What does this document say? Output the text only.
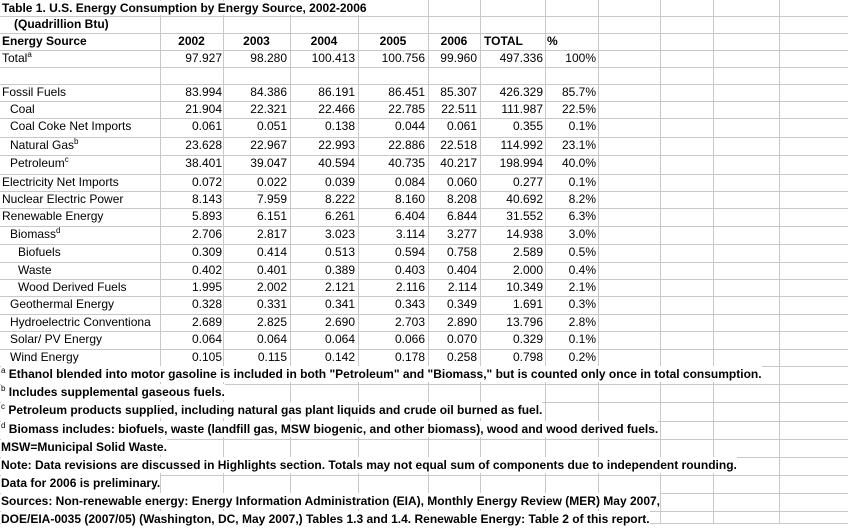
Table 1. U.S. Energy Consumption by Energy Source, 2002-2006
(Quadrillion Btu)
Energy Source	2002	2003	2004	2005	2006	TOTAL	%
Total$^a$	97.927	98.280	100.413	100.756	99.960	497.336	100%
Fossil Fuels	83.994	84.386	86.191	86.451	85.307	426.329	85.7%
Coal	21.904	22.321	22.466	22.785	22.511	111.987	22.5%
Coal Coke Net Imports	0.061	0.051	0.138	0.044	0.061	0.355	0.1%
Natural Gas$^b$	23.628	22.967	22.993	22.886	22.518	114.992	23.1%
Petroleum$^c$	38.401	39.047	40.594	40.735	40.217	198.994	40.0%
Electricity Net Imports	0.072	0.022	0.039	0.084	0.060	0.277	0.1%
Nuclear Electric Power	8.143	7.959	8.222	8.160	8.208	40.692	8.2%
Renewable Energy	5.893	6.151	6.261	6.404	6.844	31.552	6.3%
Biomass$^d$	2.706	2.817	3.023	3.114	3.277	14.938	3.0%
Biofuels	0.309	0.414	0.513	0.594	0.758	2.589	0.5%
Waste	0.402	0.401	0.389	0.403	0.404	2.000	0.4%
Wood Derived Fuels	1.995	2.002	2.121	2.116	2.114	10.349	2.1%
Geothermal Energy	0.328	0.331	0.341	0.343	0.349	1.691	0.3%
Hydroelectric Conventiona	2.689	2.825	2.690	2.703	2.890	13.796	2.8%
Solar/ PV Energy	0.064	0.064	0.064	0.066	0.070	0.329	0.1%
Wind Energy	0.105	0.115	0.142	0.178	0.258	0.798	0.2%
$^a$ Ethanol blended into motor gasoline is included in both "Petroleum" and "Biomass," but is counted only once in total consumption.
$^b$ Includes supplemental gaseous fuels.
$^c$ Petroleum products supplied, including natural gas plant liquids and crude oil burned as fuel.
$^d$ Biomass includes: biofuels, waste (landfill gas, MSW biogenic, and other biomass), wood and wood derived fuels.
MSW=Municipal Solid Waste.
Note: Data revisions are discussed in Highlights section. Totals may not equal sum of components due to independent rounding.
Data for 2006 is preliminary.
Sources: Non-renewable energy: Energy Information Administration (EIA), Monthly Energy Review (MER) May 2007,
DOE/EIA-0035 (2007/05) (Washington, DC, May 2007,) Tables 1.3 and 1.4. Renewable Energy: Table 2 of this report.
